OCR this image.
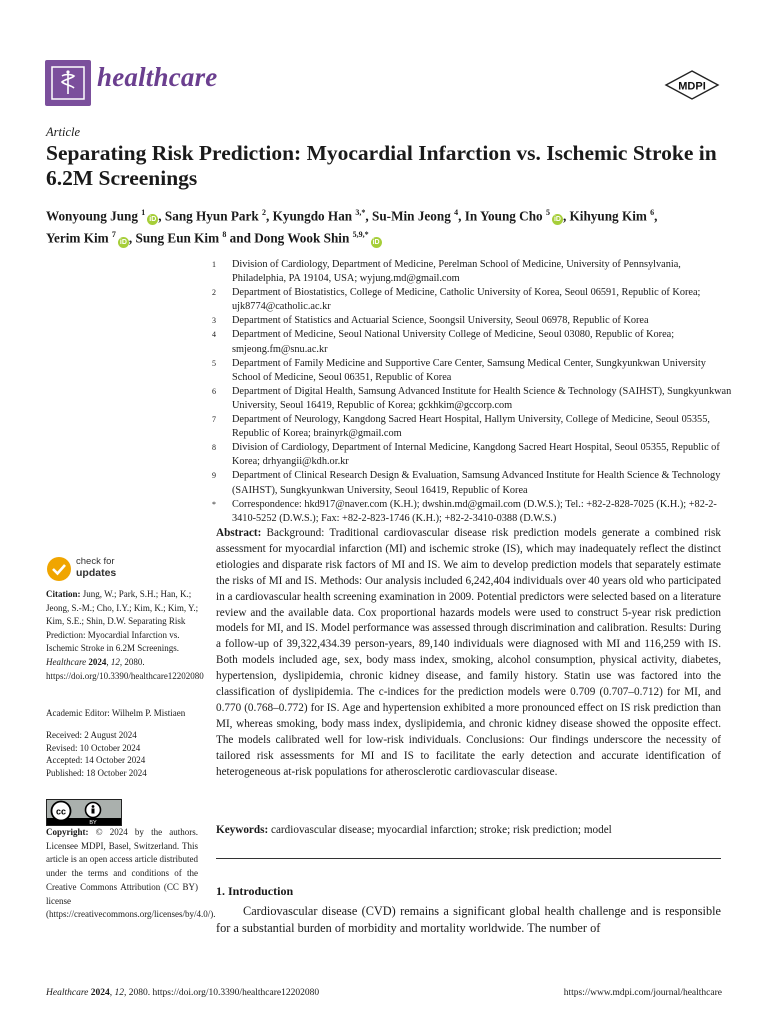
healthcare	MDPI
Article
Separating Risk Prediction: Myocardial Infarction vs. Ischemic Stroke in 6.2M Screenings
Wonyoung Jung $^1$iD , Sang Hyun Park $^2$, Kyungdo Han $^{3,*}$, Su-Min Jeong $^4$, In Young Cho $^5$iD , Kihyung Kim $^6$,
Yerim Kim $^7$iD , Sung Eun Kim $^8$ and Dong Wook Shin $^{5,9,*}$iD
1	Division of Cardiology, Department of Medicine, Perelman School of Medicine, University of Pennsylvania, Philadelphia, PA 19104, USA; wyjung.md@gmail.com
2	Department of Biostatistics, College of Medicine, Catholic University of Korea, Seoul 06591, Republic of Korea; ujk8774@catholic.ac.kr
3	Department of Statistics and Actuarial Science, Soongsil University, Seoul 06978, Republic of Korea
4	Department of Medicine, Seoul National University College of Medicine, Seoul 03080, Republic of Korea; smjeong.fm@snu.ac.kr
5	Department of Family Medicine and Supportive Care Center, Samsung Medical Center, Sungkyunkwan University School of Medicine, Seoul 06351, Republic of Korea
6	Department of Digital Health, Samsung Advanced Institute for Health Science & Technology (SAIHST), Sungkyunkwan University, Seoul 16419, Republic of Korea; gckhkim@gccorp.com
7	Department of Neurology, Kangdong Sacred Heart Hospital, Hallym University, College of Medicine, Seoul 05355, Republic of Korea; brainyrk@gmail.com
8	Division of Cardiology, Department of Internal Medicine, Kangdong Sacred Heart Hospital, Seoul 05355, Republic of Korea; drhyangii@kdh.or.kr
9	Department of Clinical Research Design & Evaluation, Samsung Advanced Institute for Health Science & Technology (SAIHST), Sungkyunkwan University, Seoul 16419, Republic of Korea
*	Correspondence: hkd917@naver.com (K.H.); dwshin.md@gmail.com (D.W.S.); Tel.: +82-2-828-7025 (K.H.); +82-2-3410-5252 (D.W.S.); Fax: +82-2-823-1746 (K.H.); +82-2-3410-0388 (D.W.S.)
check for
updates
Citation: Jung, W.; Park, S.H.; Han, K.; Jeong, S.-M.; Cho, I.Y.; Kim, K.; Kim, Y.; Kim, S.E.; Shin, D.W. Separating Risk Prediction: Myocardial Infarction vs. Ischemic Stroke in 6.2M Screenings. Healthcare 2024, 12, 2080. https://doi.org/10.3390/healthcare12202080
Academic Editor: Wilhelm P. Mistiaen
Received: 2 August 2024
Revised: 10 October 2024
Accepted: 14 October 2024
Published: 18 October 2024
cc
BY
Copyright: © 2024 by the authors. Licensee MDPI, Basel, Switzerland. This article is an open access article distributed under the terms and conditions of the Creative Commons Attribution (CC BY) license (https://creativecommons.org/licenses/by/4.0/).
Abstract: Background: Traditional cardiovascular disease risk prediction models generate a combined risk assessment for myocardial infarction (MI) and ischemic stroke (IS), which may inadequately reflect the distinct etiologies and disparate risk factors of MI and IS. We aim to develop prediction models that separately estimate the risks of MI and IS. Methods: Our analysis included 6,242,404 individuals over 40 years old who participated in a cardiovascular health screening examination in 2009. Potential predictors were selected based on a literature review and the available data. Cox proportional hazards models were used to construct 5-year risk prediction models for MI, and IS. Model performance was assessed through discrimination and calibration. Results: During a follow-up of 39,322,434.39 person-years, 89,140 individuals were diagnosed with MI and 116,259 with IS. Both models included age, sex, body mass index, smoking, alcohol consumption, physical activity, diabetes, hypertension, dyslipidemia, chronic kidney disease, and family history. Statin use was factored into the classification of dyslipidemia. The c-indices for the prediction models were 0.709 (0.707–0.712) for MI, and 0.770 (0.768–0.772) for IS. Age and hypertension exhibited a more pronounced effect on IS risk prediction than MI, whereas smoking, body mass index, dyslipidemia, and chronic kidney disease showed the opposite effect. The models calibrated well for low-risk individuals. Conclusions: Our findings underscore the necessity of tailored risk assessments for MI and IS to facilitate the early detection and accurate identification of heterogeneous at-risk populations for atherosclerotic cardiovascular disease.
Keywords: cardiovascular disease; myocardial infarction; stroke; risk prediction; model
1. Introduction
Cardiovascular disease (CVD) remains a significant global health challenge and is responsible for a substantial burden of morbidity and mortality worldwide. The number of
Healthcare 2024, 12, 2080. https://doi.org/10.3390/healthcare12202080	https://www.mdpi.com/journal/healthcare
